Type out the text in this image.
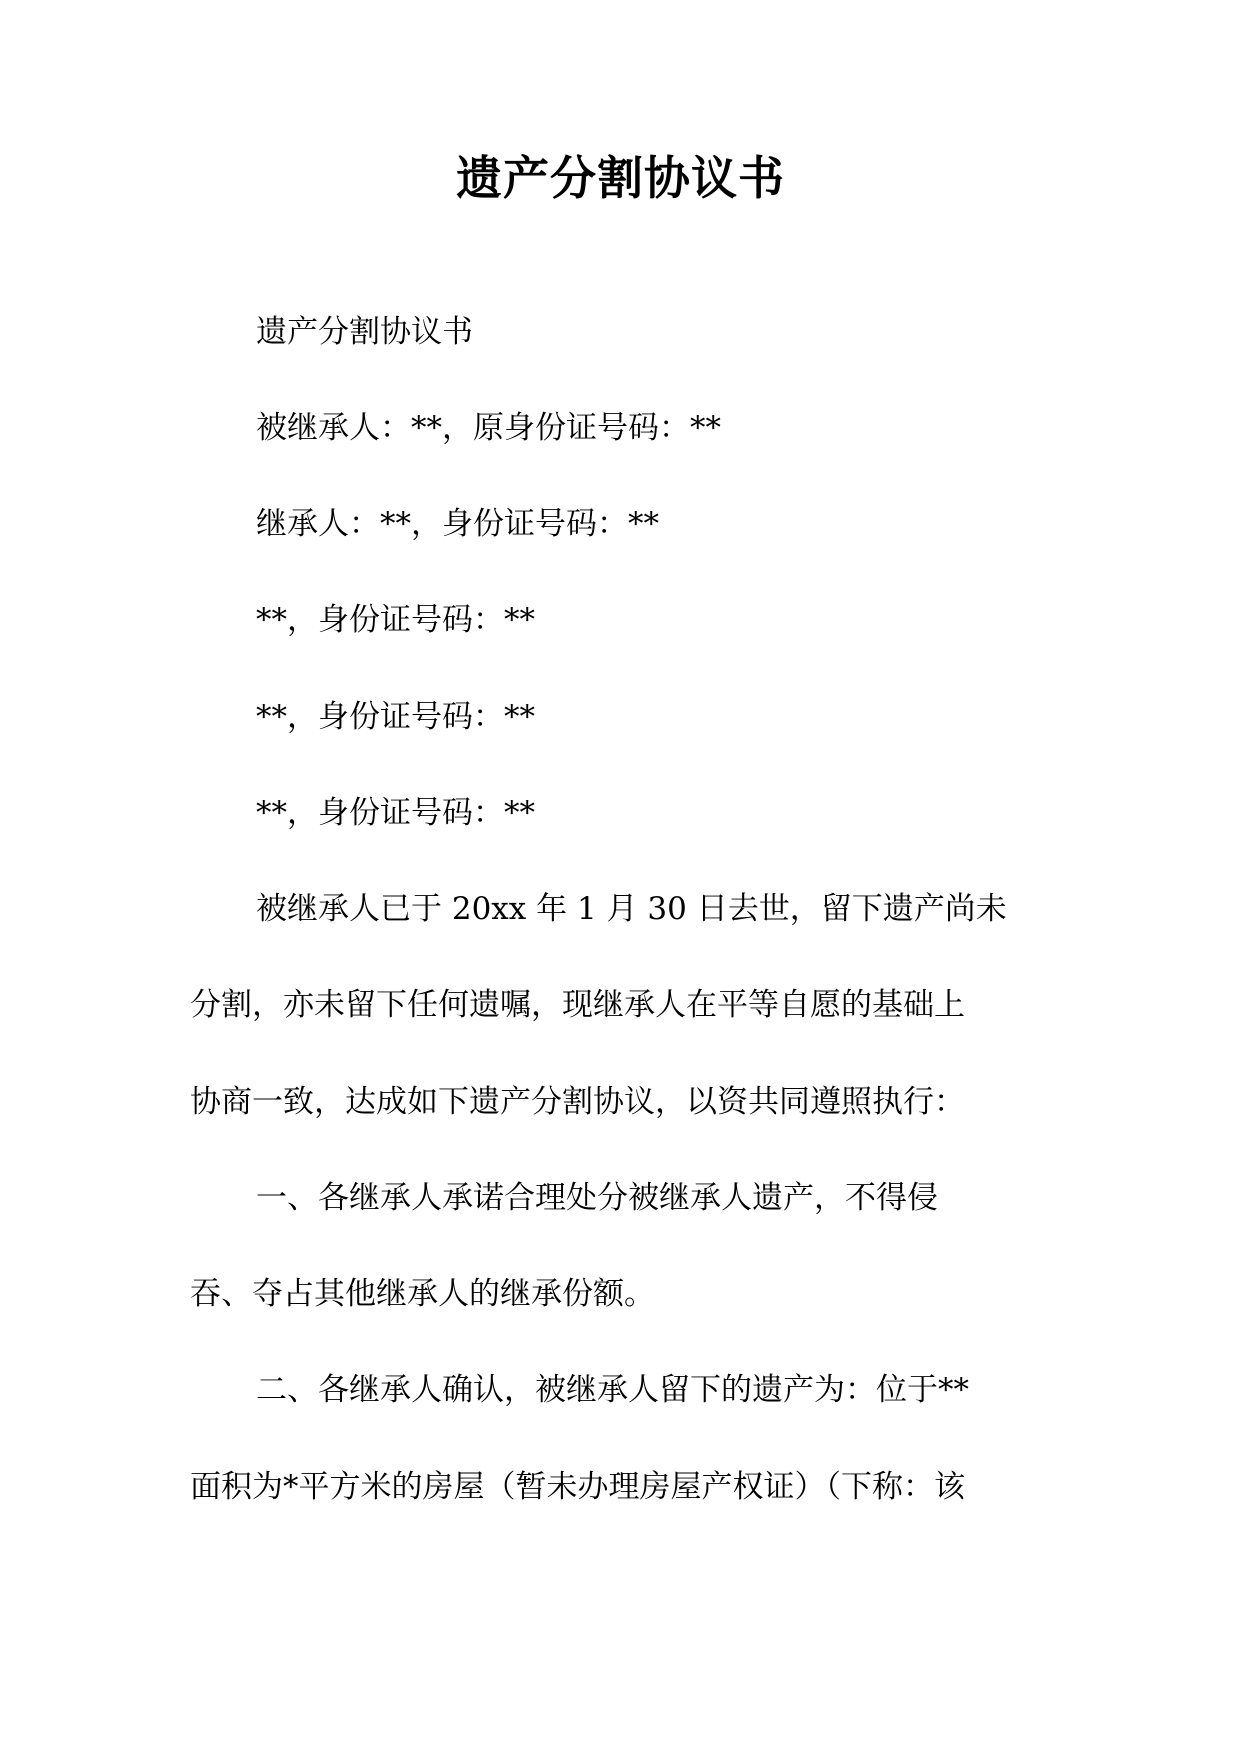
遗产分割协议书
遗产分割协议书
被继承人：**，原身份证号码：**
继承人：**，身份证号码：**
**，身份证号码：**
**，身份证号码：**
**，身份证号码：**
被继承人已于 20xx 年 1 月 30 日去世，留下遗产尚未
分割，亦未留下任何遗嘱，现继承人在平等自愿的基础上
协商一致，达成如下遗产分割协议，以资共同遵照执行：
一、各继承人承诺合理处分被继承人遗产，不得侵
吞、夺占其他继承人的继承份额。
二、各继承人确认，被继承人留下的遗产为：位于**
面积为*平方米的房屋（暂未办理房屋产权证）（下称：该
